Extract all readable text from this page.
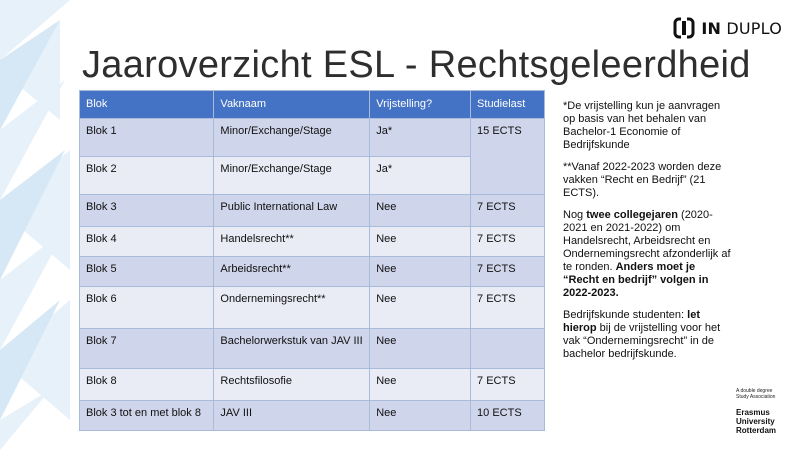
IN DUPLO
Jaaroverzicht ESL - Rechtsgeleerdheid
Blok	Vaknaam	Vrijstelling?	Studielast
Blok 1	Minor/Exchange/Stage	Ja*	15 ECTS
Blok 2	Minor/Exchange/Stage	Ja*	
Blok 3	Public International Law	Nee	7 ECTS
Blok 4	Handelsrecht**	Nee	7 ECTS
Blok 5	Arbeidsrecht**	Nee	7 ECTS
Blok 6	Ondernemingsrecht**	Nee	7 ECTS
Blok 7	Bachelorwerkstuk van JAV III	Nee	
Blok 8	Rechtsfilosofie	Nee	7 ECTS
Blok 3 tot en met blok 8	JAV III	Nee	10 ECTS

*De vrijstelling kun je aanvragen op basis van het behalen van Bachelor-1 Economie of Bedrijfskunde

**Vanaf 2022-2023 worden deze vakken “Recht en Bedrijf” (21 ECTS).

Nog twee collegejaren (2020-2021 en 2021-2022) om Handelsrecht, Arbeidsrecht en Ondernemingsrecht afzonderlijk af te ronden. Anders moet je “Recht en bedrijf” volgen in 2022-2023.

Bedrijfskunde studenten: let hierop bij de vrijstelling voor het vak “Ondernemingsrecht” in de bachelor bedrijfskunde.

A double degree
Study Association
Erasmus
University
Rotterdam
